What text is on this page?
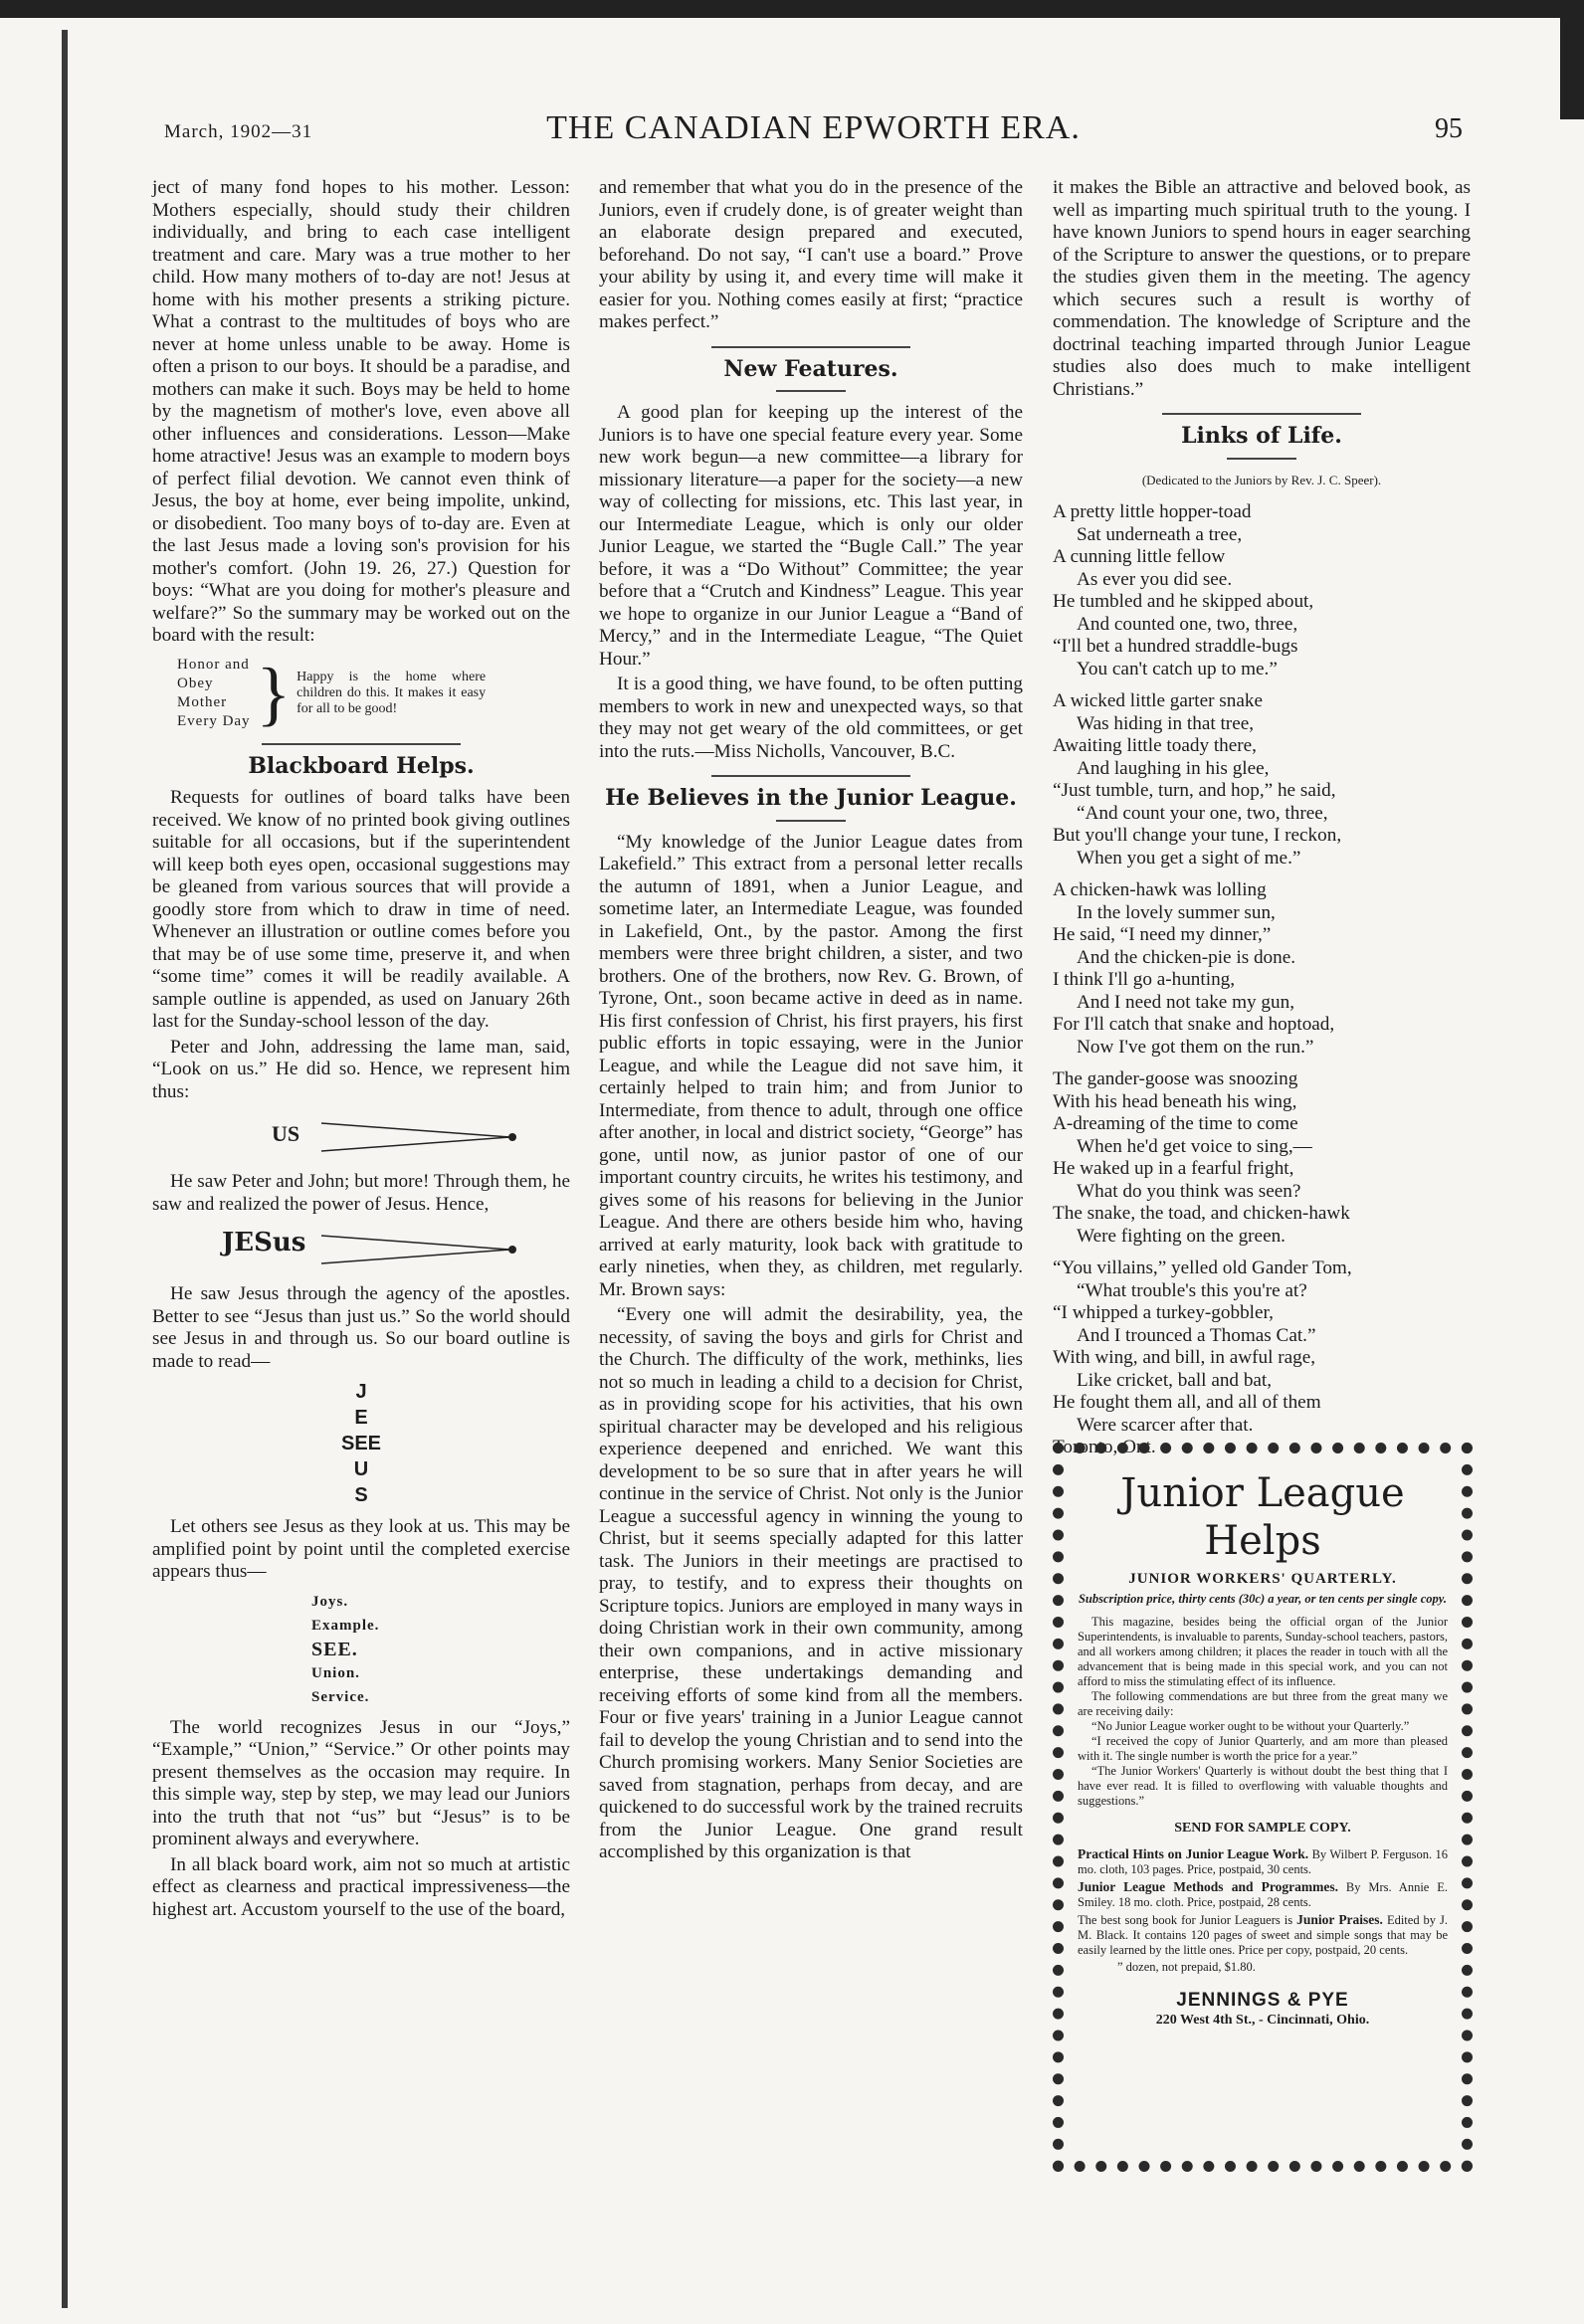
March, 1902—31	THE CANADIAN EPWORTH ERA.	95

ject of many fond hopes to his mother. Lesson: Mothers especially, should study their children individually, and bring to each case intelligent treatment and care. Mary was a true mother to her child. How many mothers of to-day are not! Jesus at home with his mother presents a striking picture. What a contrast to the multitudes of boys who are never at home unless unable to be away. Home is often a prison to our boys. It should be a paradise, and mothers can make it such. Boys may be held to home by the magnetism of mother's love, even above all other influences and considerations. Lesson—Make home atractive! Jesus was an example to modern boys of perfect filial devotion. We cannot even think of Jesus, the boy at home, ever being impolite, unkind, or disobedient. Too many boys of to-day are. Even at the last Jesus made a loving son's provision for his mother's comfort. (John 19. 26, 27.) Question for boys: “What are you doing for mother's pleasure and welfare?” So the summary may be worked out on the board with the result:

Honor and
Obey
Mother
Every Day } Happy is the home where children do this. It makes it easy for all to be good!
Blackboard Helps.

Requests for outlines of board talks have been received. We know of no printed book giving outlines suitable for all occasions, but if the superintendent will keep both eyes open, occasional suggestions may be gleaned from various sources that will provide a goodly store from which to draw in time of need. Whenever an illustration or outline comes before you that may be of use some time, preserve it, and when “some time” comes it will be readily available. A sample outline is appended, as used on January 26th last for the Sunday-school lesson of the day.

Peter and John, addressing the lame man, said, “Look on us.” He did so. Hence, we represent him thus:

US

He saw Peter and John; but more! Through them, he saw and realized the power of Jesus. Hence,

JESus

He saw Jesus through the agency of the apostles. Better to see “Jesus than just us.” So the world should see Jesus in and through us. So our board outline is made to read—

J
E
SEE
U
S

Let others see Jesus as they look at us. This may be amplified point by point until the completed exercise appears thus—

Joys.
Example.
SEE.
Union.
Service.

The world recognizes Jesus in our “Joys,” “Example,” “Union,” “Service.” Or other points may present themselves as the occasion may require. In this simple way, step by step, we may lead our Juniors into the truth that not “us” but “Jesus” is to be prominent always and everywhere.

In all black board work, aim not so much at artistic effect as clearness and practical impressiveness—the highest art. Accustom yourself to the use of the board,

and remember that what you do in the presence of the Juniors, even if crudely done, is of greater weight than an elaborate design prepared and executed, beforehand. Do not say, “I can't use a board.” Prove your ability by using it, and every time will make it easier for you. Nothing comes easily at first; “practice makes perfect.”

New Features.

A good plan for keeping up the interest of the Juniors is to have one special feature every year. Some new work begun—a new committee—a library for missionary literature—a paper for the society—a new way of collecting for missions, etc. This last year, in our Intermediate League, which is only our older Junior League, we started the “Bugle Call.” The year before, it was a “Do Without” Committee; the year before that a “Crutch and Kindness” League. This year we hope to organize in our Junior League a “Band of Mercy,” and in the Intermediate League, “The Quiet Hour.”

It is a good thing, we have found, to be often putting members to work in new and unexpected ways, so that they may not get weary of the old committees, or get into the ruts.—Miss Nicholls, Vancouver, B.C.

He Believes in the Junior League.

“My knowledge of the Junior League dates from Lakefield.” This extract from a personal letter recalls the autumn of 1891, when a Junior League, and sometime later, an Intermediate League, was founded in Lakefield, Ont., by the pastor. Among the first members were three bright children, a sister, and two brothers. One of the brothers, now Rev. G. Brown, of Tyrone, Ont., soon became active in deed as in name. His first confession of Christ, his first prayers, his first public efforts in topic essaying, were in the Junior League, and while the League did not save him, it certainly helped to train him; and from Junior to Intermediate, from thence to adult, through one office after another, in local and district society, “George” has gone, until now, as junior pastor of one of our important country circuits, he writes his testimony, and gives some of his reasons for believing in the Junior League. And there are others beside him who, having arrived at early maturity, look back with gratitude to early nineties, when they, as children, met regularly. Mr. Brown says:

“Every one will admit the desirability, yea, the necessity, of saving the boys and girls for Christ and the Church. The difficulty of the work, methinks, lies not so much in leading a child to a decision for Christ, as in providing scope for his activities, that his own spiritual character may be developed and his religious experience deepened and enriched. We want this development to be so sure that in after years he will continue in the service of Christ. Not only is the Junior League a successful agency in winning the young to Christ, but it seems specially adapted for this latter task. The Juniors in their meetings are practised to pray, to testify, and to express their thoughts on Scripture topics. Juniors are employed in many ways in doing Christian work in their own community, among their own companions, and in active missionary enterprise, these undertakings demanding and receiving efforts of some kind from all the members. Four or five years' training in a Junior League cannot fail to develop the young Christian and to send into the Church promising workers. Many Senior Societies are saved from stagnation, perhaps from decay, and are quickened to do successful work by the trained recruits from the Junior League. One grand result accomplished by this organization is that

it makes the Bible an attractive and beloved book, as well as imparting much spiritual truth to the young. I have known Juniors to spend hours in eager searching of the Scripture to answer the questions, or to prepare the studies given them in the meeting. The agency which secures such a result is worthy of commendation. The knowledge of Scripture and the doctrinal teaching imparted through Junior League studies also does much to make intelligent Christians.”

Links of Life.
(Dedicated to the Juniors by Rev. J. C. Speer).
A pretty little hopper-toad
Sat underneath a tree,
A cunning little fellow
As ever you did see.
He tumbled and he skipped about,
And counted one, two, three,
“I'll bet a hundred straddle-bugs
You can't catch up to me.”
A wicked little garter snake
Was hiding in that tree,
Awaiting little toady there,
And laughing in his glee,
“Just tumble, turn, and hop,” he said,
“And count your one, two, three,
But you'll change your tune, I reckon,
When you get a sight of me.”
A chicken-hawk was lolling
In the lovely summer sun,
He said, “I need my dinner,”
And the chicken-pie is done.
I think I'll go a-hunting,
And I need not take my gun,
For I'll catch that snake and hoptoad,
Now I've got them on the run.”
The gander-goose was snoozing
With his head beneath his wing,
A-dreaming of the time to come
When he'd get voice to sing,—
He waked up in a fearful fright,
What do you think was seen?
The snake, the toad, and chicken-hawk
Were fighting on the green.
“You villains,” yelled old Gander Tom,
“What trouble's this you're at?
“I whipped a turkey-gobbler,
And I trounced a Thomas Cat.”
With wing, and bill, in awful rage,
Like cricket, ball and bat,
He fought them all, and all of them
Were scarcer after that.
Toronto, Ont.
Junior League Helps
JUNIOR WORKERS' QUARTERLY.
Subscription price, thirty cents (30c) a year, or ten cents per single copy.

This magazine, besides being the official organ of the Junior Superintendents, is invaluable to parents, Sunday-school teachers, pastors, and all workers among children; it places the reader in touch with all the advancement that is being made in this special work, and you can not afford to miss the stimulating effect of its influence.

The following commendations are but three from the great many we are receiving daily:

“No Junior League worker ought to be without your Quarterly.”

“I received the copy of Junior Quarterly, and am more than pleased with it. The single number is worth the price for a year.”

“The Junior Workers' Quarterly is without doubt the best thing that I have ever read. It is filled to overflowing with valuable thoughts and suggestions.”

SEND FOR SAMPLE COPY.
Practical Hints on Junior League Work. By Wilbert P. Ferguson. 16 mo. cloth, 103 pages. Price, postpaid, 30 cents.
Junior League Methods and Programmes. By Mrs. Annie E. Smiley. 18 mo. cloth. Price, postpaid, 28 cents.
The best song book for Junior Leaguers is Junior Praises. Edited by J. M. Black. It contains 120 pages of sweet and simple songs that may be easily learned by the little ones. Price per copy, postpaid, 20 cents.
” dozen, not prepaid, $1.80.
JENNINGS & PYE
220 West 4th St., - Cincinnati, Ohio.
